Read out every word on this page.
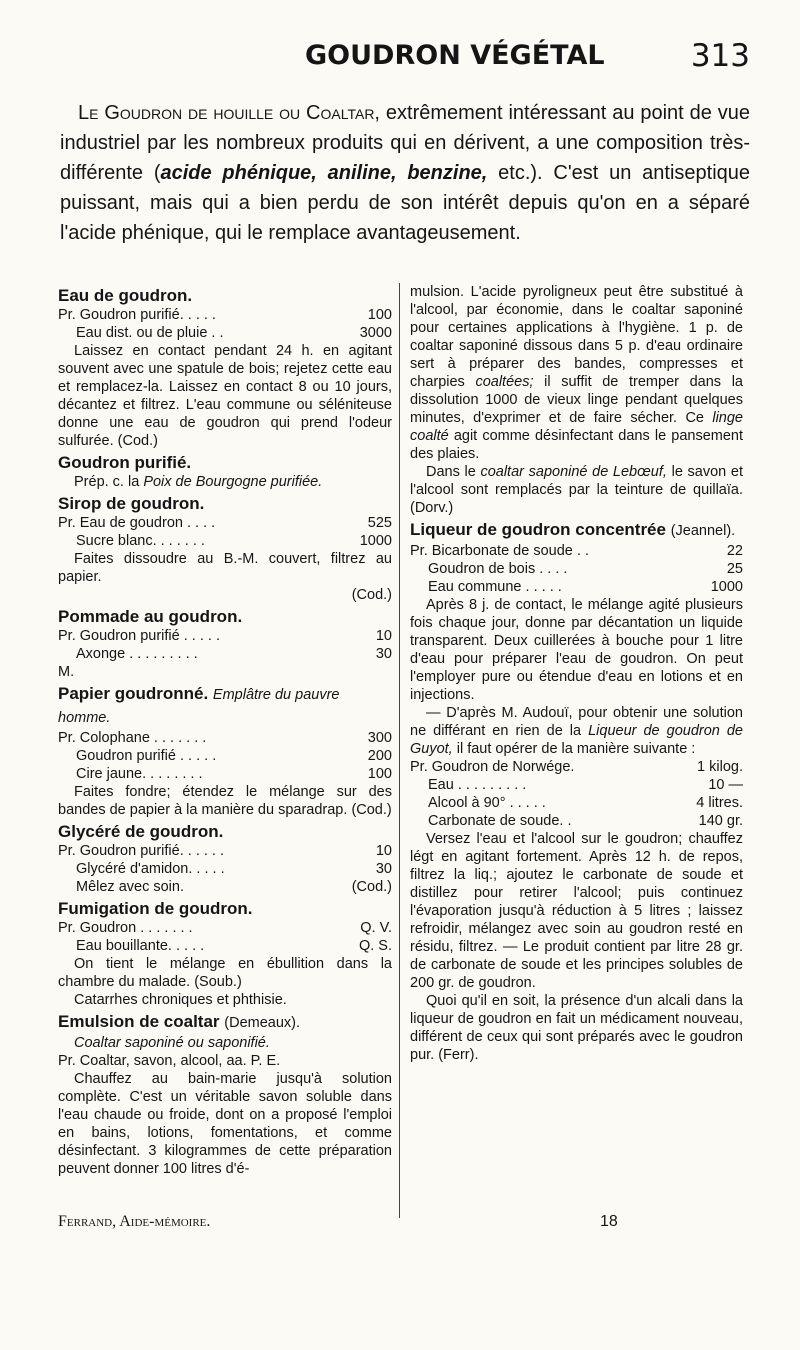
GOUDRON VÉGÉTAL	313
Le Goudron de houille ou Coaltar, extrêmement intéressant au point de vue industriel par les nombreux produits qui en dérivent, a une composition très-différente (acide phénique, aniline, benzine, etc.). C'est un antiseptique puissant, mais qui a bien perdu de son intérêt depuis qu'on en a séparé l'acide phénique, qui le remplace avantageusement.
Eau de goudron.
Pr. Goudron purifié. . . . .	100
Eau dist. ou de pluie . .	3000

Laissez en contact pendant 24 h. en agitant souvent avec une spatule de bois; rejetez cette eau et remplacez-la. Laissez en contact 8 ou 10 jours, décantez et filtrez. L'eau commune ou séléniteuse donne une eau de goudron qui prend l'odeur sulfurée. (Cod.)

Goudron purifié.

Prép. c. la Poix de Bourgogne purifiée.

Sirop de goudron.
Pr. Eau de goudron . . . .	525
Sucre blanc. . . . . . .	1000

Faites dissoudre au B.-M. couvert, filtrez au papier.

(Cod.)
Pommade au goudron.
Pr. Goudron purifié . . . . .	10
Axonge . . . . . . . . .	30
M.
Papier goudronné. Emplâtre du pauvre homme.
Pr. Colophane . . . . . . .	300
Goudron purifié . . . . .	200
Cire jaune. . . . . . . .	100

Faites fondre; étendez le mélange sur des bandes de papier à la manière du sparadrap. (Cod.)

Glycéré de goudron.
Pr. Goudron purifié. . . . . .	10
Glycéré d'amidon. . . . .	30
Mêlez avec soin.	(Cod.)
Fumigation de goudron.
Pr. Goudron . . . . . . .	Q. V.
Eau bouillante. . . . .	Q. S.

On tient le mélange en ébullition dans la chambre du malade. (Soub.)

Catarrhes chroniques et phthisie.

Emulsion de coaltar (Demeaux).
Coaltar saponiné ou saponifié.
Pr. Coaltar, savon, alcool, aa. P. E.

Chauffez au bain-marie jusqu'à solution complète. C'est un véritable savon soluble dans l'eau chaude ou froide, dont on a proposé l'emploi en bains, lotions, fomentations, et comme désinfectant. 3 kilogrammes de cette préparation peuvent donner 100 litres d'é-

mulsion. L'acide pyroligneux peut être substitué à l'alcool, par économie, dans le coaltar saponiné pour certaines applications à l'hygiène. 1 p. de coaltar saponiné dissous dans 5 p. d'eau ordinaire sert à préparer des bandes, compresses et charpies coaltées; il suffit de tremper dans la dissolution 1000 de vieux linge pendant quelques minutes, d'exprimer et de faire sécher. Ce linge coalté agit comme désinfectant dans le pansement des plaies.

Dans le coaltar saponiné de Lebœuf, le savon et l'alcool sont remplacés par la teinture de quillaïa. (Dorv.)

Liqueur de goudron concentrée (Jeannel).
Pr. Bicarbonate de soude . .	22
Goudron de bois . . . .	25
Eau commune . . . . .	1000

Après 8 j. de contact, le mélange agité plusieurs fois chaque jour, donne par décantation un liquide transparent. Deux cuillerées à bouche pour 1 litre d'eau pour préparer l'eau de goudron. On peut l'employer pure ou étendue d'eau en lotions et en injections.

— D'après M. Audouï, pour obtenir une solution ne différant en rien de la Liqueur de goudron de Guyot, il faut opérer de la manière suivante :

Pr. Goudron de Norwége.	1 kilog.
Eau . . . . . . . . .	10 —
Alcool à 90° . . . . .	4 litres.
Carbonate de soude. .	140 gr.

Versez l'eau et l'alcool sur le goudron; chauffez légt en agitant fortement. Après 12 h. de repos, filtrez la liq.; ajoutez le carbonate de soude et distillez pour retirer l'alcool; puis continuez l'évaporation jusqu'à réduction à 5 litres ; laissez refroidir, mélangez avec soin au goudron resté en résidu, filtrez. — Le produit contient par litre 28 gr. de carbonate de soude et les principes solubles de 200 gr. de goudron.

Quoi qu'il en soit, la présence d'un alcali dans la liqueur de goudron en fait un médicament nouveau, différent de ceux qui sont préparés avec le goudron pur. (Ferr).

Ferrand, Aide-mémoire.	18
